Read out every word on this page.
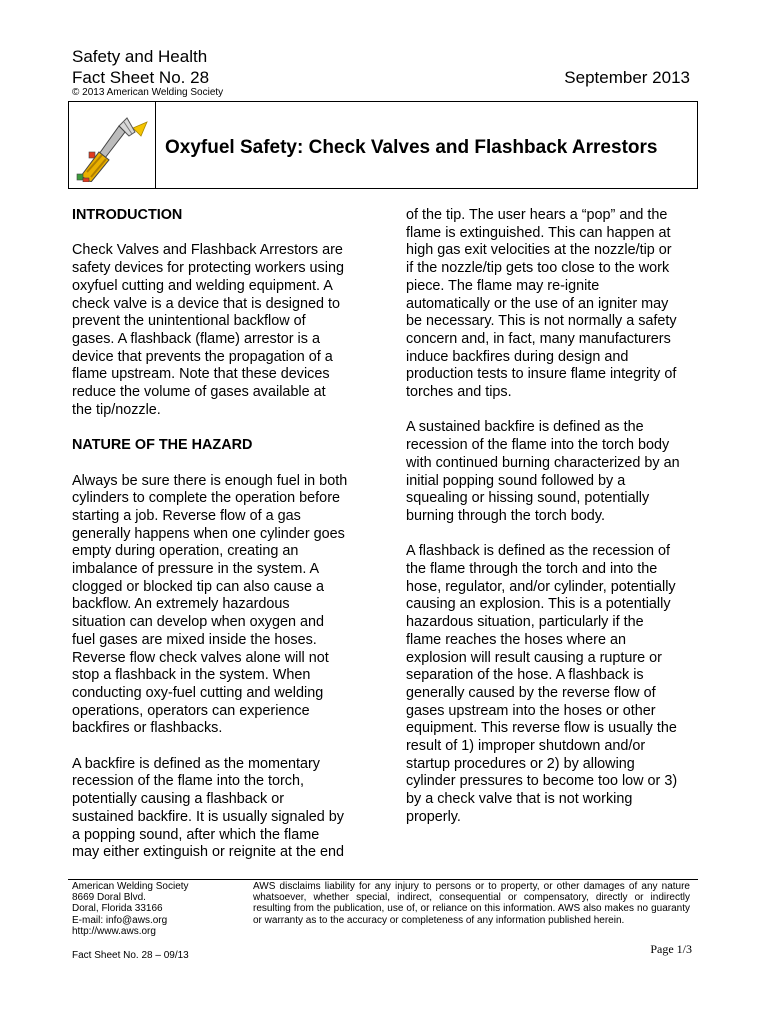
Safety and Health
Fact Sheet No. 28	September 2013
© 2013 American Welding Society
Oxyfuel Safety: Check Valves and Flashback Arrestors
INTRODUCTION
Check Valves and Flashback Arrestors are
safety devices for protecting workers using
oxyfuel cutting and welding equipment. A
check valve is a device that is designed to
prevent the unintentional backflow of
gases. A flashback (flame) arrestor is a
device that prevents the propagation of a
flame upstream. Note that these devices
reduce the volume of gases available at
the tip/nozzle.
NATURE OF THE HAZARD
Always be sure there is enough fuel in both
cylinders to complete the operation before
starting a job. Reverse flow of a gas
generally happens when one cylinder goes
empty during operation, creating an
imbalance of pressure in the system. A
clogged or blocked tip can also cause a
backflow. An extremely hazardous
situation can develop when oxygen and
fuel gases are mixed inside the hoses.
Reverse flow check valves alone will not
stop a flashback in the system. When
conducting oxy-fuel cutting and welding
operations, operators can experience
backfires or flashbacks.
A backfire is defined as the momentary
recession of the flame into the torch,
potentially causing a flashback or
sustained backfire. It is usually signaled by
a popping sound, after which the flame
may either extinguish or reignite at the end
of the tip. The user hears a “pop” and the
flame is extinguished. This can happen at
high gas exit velocities at the nozzle/tip or
if the nozzle/tip gets too close to the work
piece. The flame may re-ignite
automatically or the use of an igniter may
be necessary. This is not normally a safety
concern and, in fact, many manufacturers
induce backfires during design and
production tests to insure flame integrity of
torches and tips.
A sustained backfire is defined as the
recession of the flame into the torch body
with continued burning characterized by an
initial popping sound followed by a
squealing or hissing sound, potentially
burning through the torch body.
A flashback is defined as the recession of
the flame through the torch and into the
hose, regulator, and/or cylinder, potentially
causing an explosion. This is a potentially
hazardous situation, particularly if the
flame reaches the hoses where an
explosion will result causing a rupture or
separation of the hose. A flashback is
generally caused by the reverse flow of
gases upstream into the hoses or other
equipment. This reverse flow is usually the
result of 1) improper shutdown and/or
startup procedures or 2) by allowing
cylinder pressures to become too low or 3)
by a check valve that is not working
properly.
American Welding Society
8669 Doral Blvd.
Doral, Florida 33166
E-mail: info@aws.org
http://www.aws.org
AWS disclaims liability for any injury to persons or to property, or other damages of any nature whatsoever, whether special, indirect, consequential or compensatory, directly or indirectly resulting from the publication, use of, or reliance on this information. AWS also makes no guaranty or warranty as to the accuracy or completeness of any information published herein.
Fact Sheet No. 28 – 09/13	Page 1/3
